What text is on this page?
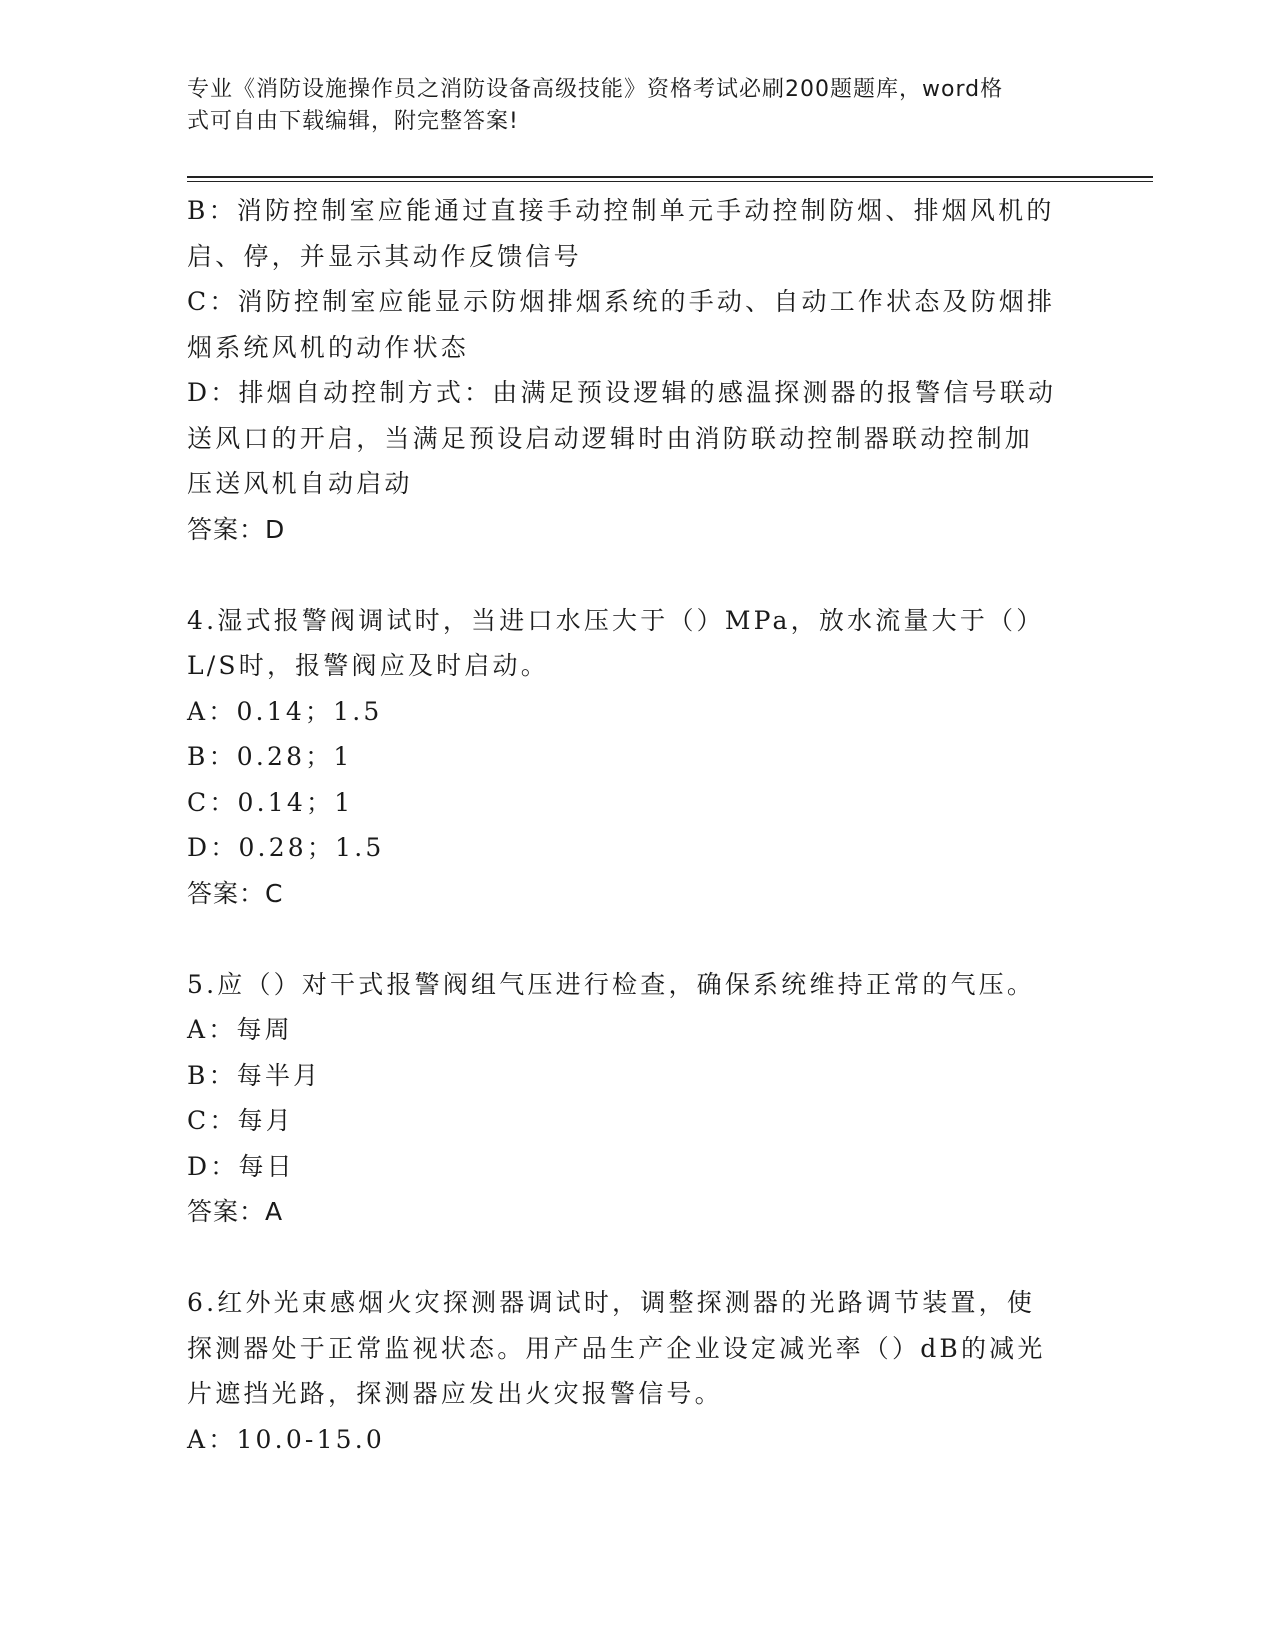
专业《消防设施操作员之消防设备高级技能》资格考试必刷200题题库，word格
式可自由下载编辑，附完整答案!
B：消防控制室应能通过直接手动控制单元手动控制防烟、排烟风机的
启、停，并显示其动作反馈信号
C：消防控制室应能显示防烟排烟系统的手动、自动工作状态及防烟排
烟系统风机的动作状态
D：排烟自动控制方式：由满足预设逻辑的感温探测器的报警信号联动
送风口的开启，当满足预设启动逻辑时由消防联动控制器联动控制加
压送风机自动启动
答案：D
4.湿式报警阀调试时，当进口水压大于（）MPa，放水流量大于（）
L/S时，报警阀应及时启动。
A：0.14；1.5
B：0.28；1
C：0.14；1
D：0.28；1.5
答案：C
5.应（）对干式报警阀组气压进行检查，确保系统维持正常的气压。
A：每周
B：每半月
C：每月
D：每日
答案：A
6.红外光束感烟火灾探测器调试时，调整探测器的光路调节装置，使
探测器处于正常监视状态。用产品生产企业设定减光率（）dB的减光
片遮挡光路，探测器应发出火灾报警信号。
A：10.0-15.0
